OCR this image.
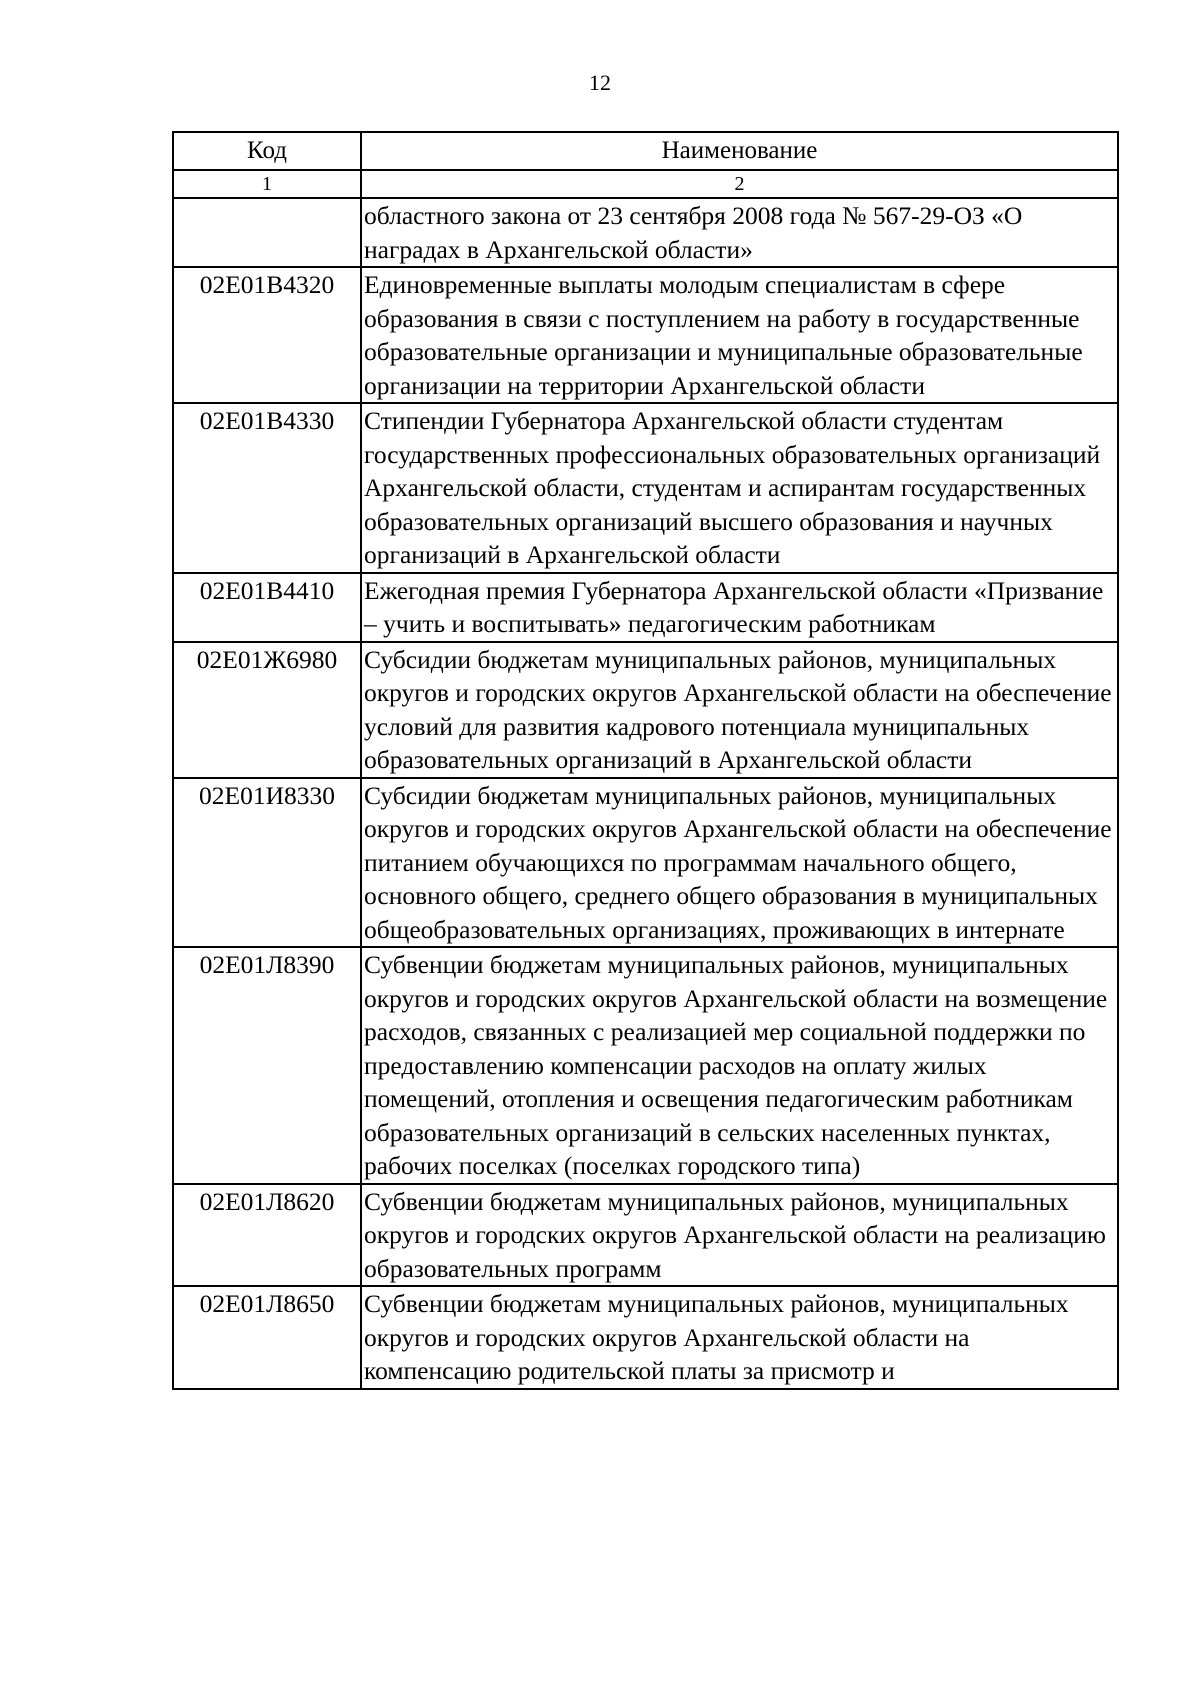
12
Код	Наименование
1	2
	областного закона от 23 сентября 2008 года № 567-29-ОЗ «О наградах в Архангельской области»
02Е01В4320	Единовременные выплаты молодым специалистам в сфере образования в связи с поступлением на работу в государственные образовательные организации и муниципальные образовательные организации на территории Архангельской области
02Е01В4330	Стипендии Губернатора Архангельской области студентам государственных профессиональных образовательных организаций Архангельской области, студентам и аспирантам государственных образовательных организаций высшего образования и научных организаций в Архангельской области
02Е01В4410	Ежегодная премия Губернатора Архангельской области «Призвание – учить и воспитывать» педагогическим работникам
02Е01Ж6980	Субсидии бюджетам муниципальных районов, муниципальных округов и городских округов Архангельской области на обеспечение условий для развития кадрового потенциала муниципальных образовательных организаций в Архангельской области
02Е01И8330	Субсидии бюджетам муниципальных районов, муниципальных округов и городских округов Архангельской области на обеспечение питанием обучающихся по программам начального общего, основного общего, среднего общего образования в муниципальных общеобразовательных организациях, проживающих в интернате
02Е01Л8390	Субвенции бюджетам муниципальных районов, муниципальных округов и городских округов Архангельской области на возмещение расходов, связанных с реализацией мер социальной поддержки по предоставлению компенсации расходов на оплату жилых помещений, отопления и освещения педагогическим работникам образовательных организаций в сельских населенных пунктах, рабочих поселках (поселках городского типа)
02Е01Л8620	Субвенции бюджетам муниципальных районов, муниципальных округов и городских округов Архангельской области на реализацию образовательных программ
02Е01Л8650	Субвенции бюджетам муниципальных районов, муниципальных округов и городских округов Архангельской области на компенсацию родительской платы за присмотр и
